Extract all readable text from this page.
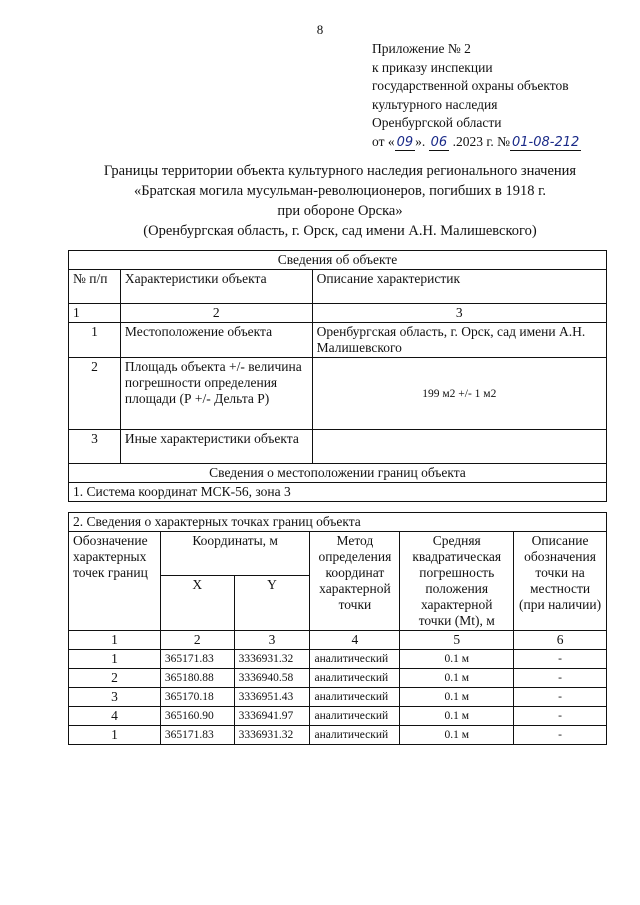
8
Приложение № 2
к приказу инспекции
государственной охраны объектов
культурного наследия
Оренбургской области
от « 09 ». 06 .2023 г. № 01-08-212
Границы территории объекта культурного наследия регионального значения
«Братская могила мусульман-революционеров, погибших в 1918 г.
при обороне Орска»
(Оренбургская область, г. Орск, сад имени А.Н. Малишевского)
Сведения об объекте		
№ п/п	Характеристики объекта	Описание характеристик
1	2	3
1	Местоположение объекта	Оренбургская область, г. Орск, сад имени А.Н. Малишевского
2	Площадь объекта +/- величина погрешности определения площади (Р +/- Дельта Р)	199 м2 +/- 1 м2
3	Иные характеристики объекта	
Сведения о местоположении границ объекта		
1. Система координат МСК-56, зона 3		
2. Сведения о характерных точках границ объекта					
Обозначение характерных точек границ	Координаты, м		Метод определения координат характерной точки	Средняя квадратическая погрешность положения характерной точки (Mt), м	Описание обозначения точки на местности (при наличии)
	X	Y			
1	2	3	4	5	6
1	365171.83	3336931.32	аналитический	0.1 м	-
2	365180.88	3336940.58	аналитический	0.1 м	-
3	365170.18	3336951.43	аналитический	0.1 м	-
4	365160.90	3336941.97	аналитический	0.1 м	-
1	365171.83	3336931.32	аналитический	0.1 м	-
